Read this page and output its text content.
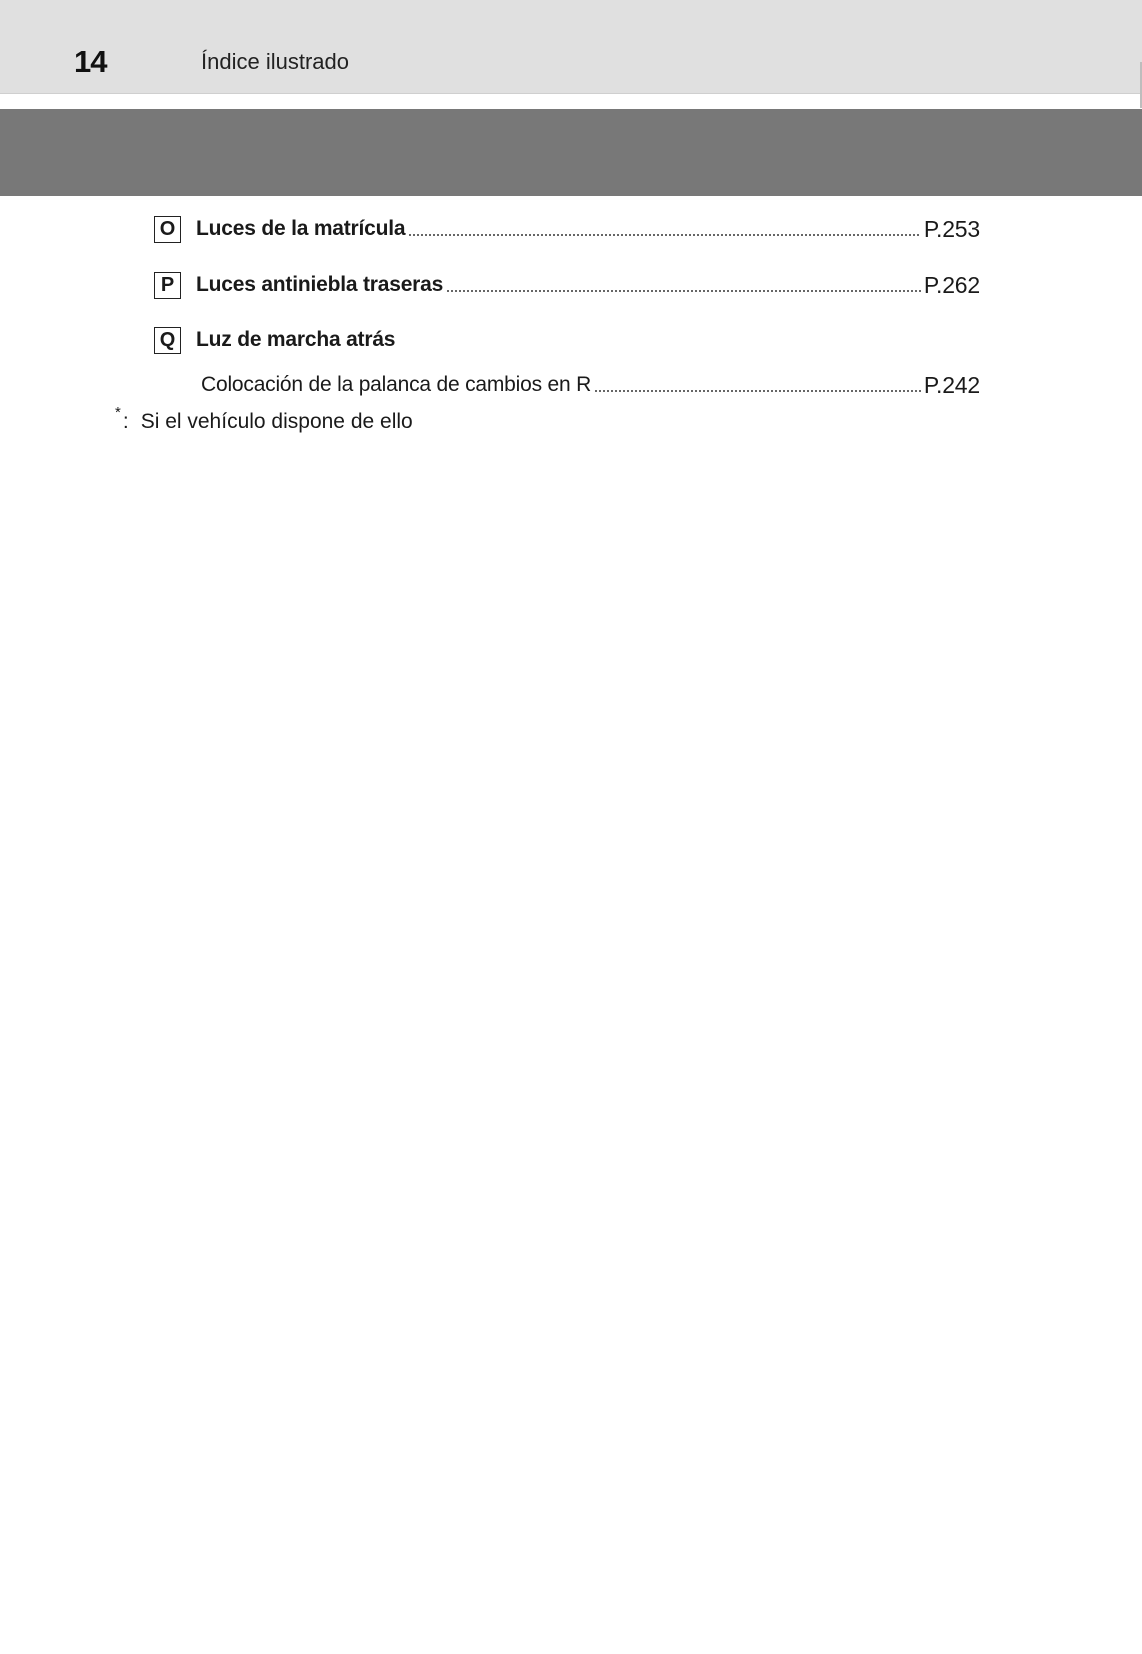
14	Índice ilustrado
O Luces de la matrícula	P.253
P	Luces antiniebla traseras	P.262
Q Luz de marcha atrás
Colocación de la palanca de cambios en R	P.242
* : Si el vehículo dispone de ello
